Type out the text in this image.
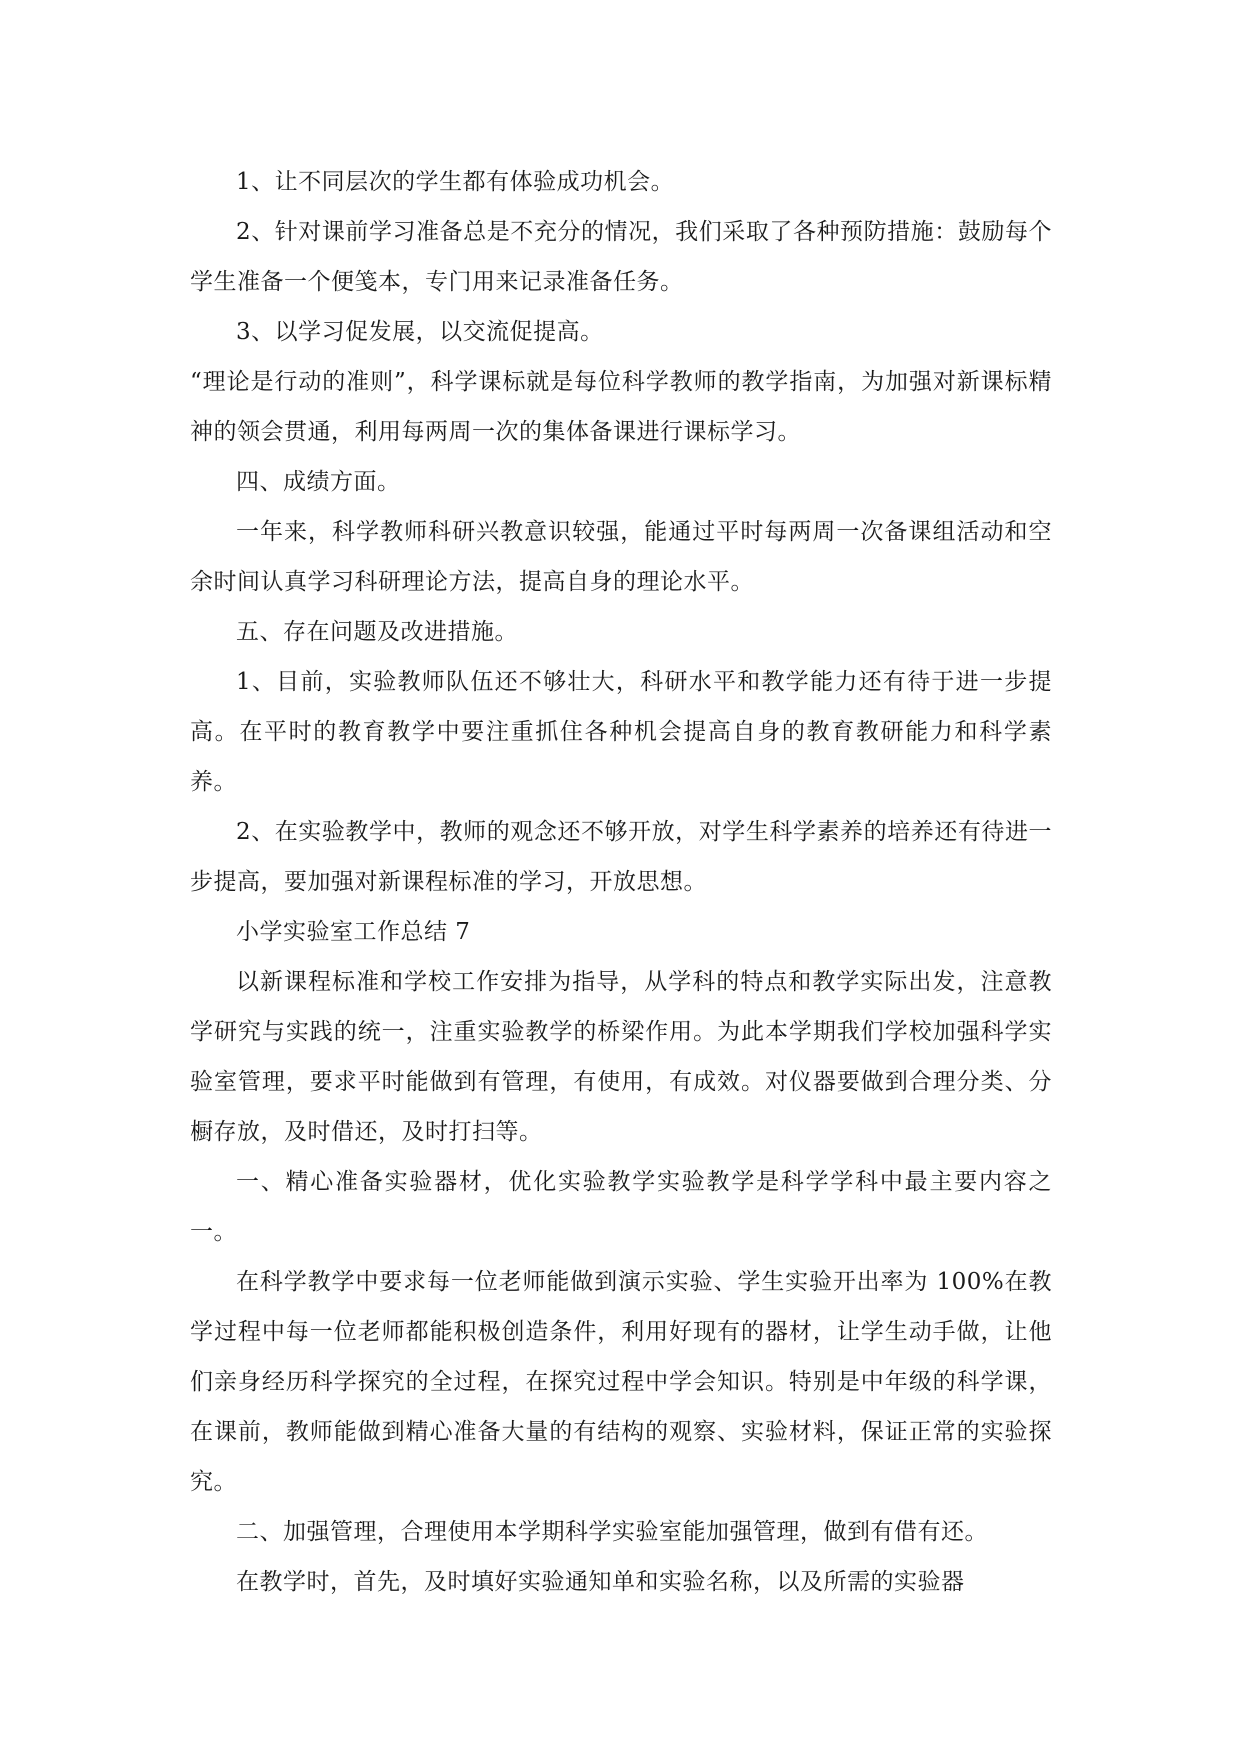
1、让不同层次的学生都有体验成功机会。

2、针对课前学习准备总是不充分的情况，我们采取了各种预防措施：鼓励每个学生准备一个便笺本，专门用来记录准备任务。

3、以学习促发展，以交流促提高。

“理论是行动的准则”，科学课标就是每位科学教师的教学指南，为加强对新课标精神的领会贯通，利用每两周一次的集体备课进行课标学习。

四、成绩方面。

一年来，科学教师科研兴教意识较强，能通过平时每两周一次备课组活动和空余时间认真学习科研理论方法，提高自身的理论水平。

五、存在问题及改进措施。

1、目前，实验教师队伍还不够壮大，科研水平和教学能力还有待于进一步提高。在平时的教育教学中要注重抓住各种机会提高自身的教育教研能力和科学素养。

2、在实验教学中，教师的观念还不够开放，对学生科学素养的培养还有待进一步提高，要加强对新课程标准的学习，开放思想。

小学实验室工作总结 7

以新课程标准和学校工作安排为指导，从学科的特点和教学实际出发，注意教学研究与实践的统一，注重实验教学的桥梁作用。为此本学期我们学校加强科学实验室管理，要求平时能做到有管理，有使用，有成效。对仪器要做到合理分类、分橱存放，及时借还，及时打扫等。

一、精心准备实验器材，优化实验教学实验教学是科学学科中最主要内容之一。

在科学教学中要求每一位老师能做到演示实验、学生实验开出率为 100%在教学过程中每一位老师都能积极创造条件，利用好现有的器材，让学生动手做，让他们亲身经历科学探究的全过程，在探究过程中学会知识。特别是中年级的科学课，在课前，教师能做到精心准备大量的有结构的观察、实验材料，保证正常的实验探究。

二、加强管理，合理使用本学期科学实验室能加强管理，做到有借有还。

在教学时，首先，及时填好实验通知单和实验名称，以及所需的实验器
